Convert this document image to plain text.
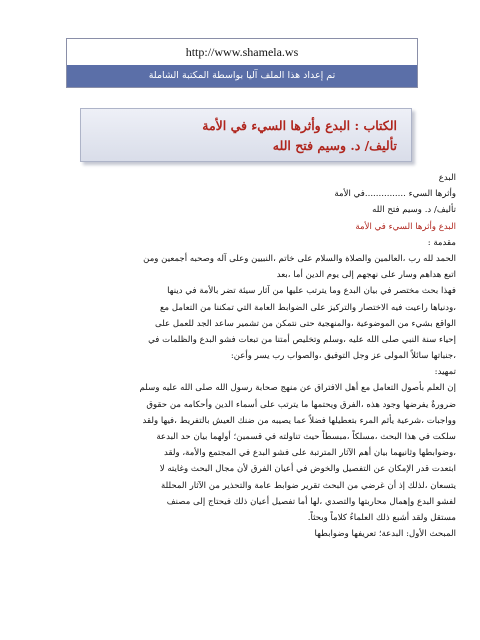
http://www.shamela.ws
تم إعداد هذا الملف آليا بواسطة المكتبة الشاملة
الكتاب : البدع وأثرها السيء في الأمة
تأليف/ د. وسيم فتح الله
البدع
وأثرها السيء ...............في الأمة
تأليف/ د. وسيم فتح الله
البدع وأثرها السيء في الأمة
مقدمة :
الحمد لله رب ،العالمين والصلاة والسلام على خاتم ،النبيين وعلى آله وصحبه أجمعين ومن
اتبع هداهم وسار على نهجهم إلى يوم الدين أما ،بعد
فهذا بحث مختصر في بيان البدع وما يترتب عليها من آثار سيئة تضر بالأمة في دينها
،ودنياها راعيت فيه الاختصار والتركيز على الضوابط العامة التي تمكننا من التعامل مع
الواقع بشيء من الموضوعية ،والمنهجية حتى نتمكن من تشمير ساعد الجد للعمل على
إحياء سنة النبي صلى الله عليه ،وسلم وتخليص أمتنا من تبعات فشو البدع والظلمات في
،جنباتها سائلاً المولى عز وجل التوفيق ،والصواب رب يسر وأعن:
تمهيد:
إن العلم بأصول التعامل مع أهل الافتراق عن منهج صحابة رسول الله صلى الله عليه وسلم
ضرورةٌ يفرضها وجود هذه ،الفرق ويحتمها ما يترتب على أسماء الدين وأحكامه من حقوق
وواجبات ،شرعية يأثم المرء بتعطيلها فضلاً عما يصيبه من ضنك العيش بالتفريط ،فيها ولقد
سلكت في هذا البحث ،مسلكاً ،مبسطاً حيث تناولته في قسمين؛ أولهما بيان حد البدعة
،وضوابطها وثانيهما بيان أهم الآثار المترتبة على فشو البدع في المجتمع والأمة، ولقد
ابتعدت قدر الإمكان عن التفصيل والخوض في أعيان الفرق لأن مجال البحث وغايته لا
يتسعان ،لذلك إذ أن غرضي من البحث تقرير ضوابط عامة والتحذير من الآثار المحللة
لفشو البدع وإهمال محاربتها والتصدي ،لها أما تفصيل أعيان ذلك فيحتاج إلى مصنف
مستقل ولقد أشبع ذلك العلماءُ كلاماً وبحثاً.
المبحث الأول: البدعة؛ تعريفها وضوابطها
